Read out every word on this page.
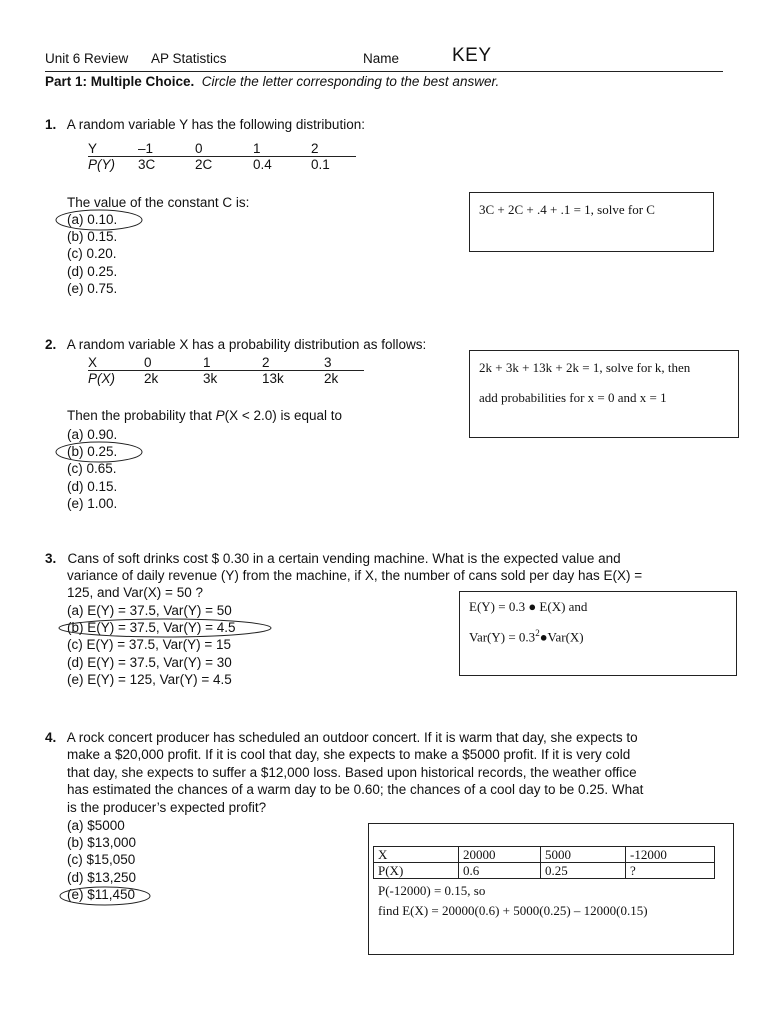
Unit 6 Review AP Statistics	Name	KEY
Part 1: Multiple Choice. Circle the letter corresponding to the best answer.
1. A random variable Y has the following distribution:
Y	–1	0	1	2
P(Y)	3C	2C	0.4	0.1
The value of the constant C is:
(a) 0.10.
(b) 0.15.
(c) 0.20.
(d) 0.25.
(e) 0.75.

3C + 2C + .4 + .1 = 1, solve for C

2. A random variable X has a probability distribution as follows:
X	0	1	2	3
P(X)	2k	3k	13k	2k
Then the probability that P(X < 2.0) is equal to
(a) 0.90.
(b) 0.25.
(c) 0.65.
(d) 0.15.
(e) 1.00.

2k + 3k + 13k + 2k = 1, solve for k, then

add probabilities for x = 0 and x = 1

3. Cans of soft drinks cost $ 0.30 in a certain vending machine. What is the expected value and
variance of daily revenue (Y) from the machine, if X, the number of cans sold per day has E(X) =
125, and Var(X) = 50 ?
(a) E(Y) = 37.5, Var(Y) = 50
(b) E(Y) = 37.5, Var(Y) = 4.5
(c) E(Y) = 37.5, Var(Y) = 15
(d) E(Y) = 37.5, Var(Y) = 30
(e) E(Y) = 125, Var(Y) = 4.5

E(Y) = 0.3 ● E(X) and

$Var(Y) = 0.3^2●Var(X)$

4. A rock concert producer has scheduled an outdoor concert. If it is warm that day, she expects to
make a $20,000 profit. If it is cool that day, she expects to make a $5000 profit. If it is very cold
that day, she expects to suffer a $12,000 loss. Based upon historical records, the weather office
has estimated the chances of a warm day to be 0.60; the chances of a cool day to be 0.25. What
is the producer’s expected profit?
(a) $5000
(b) $13,000
(c) $15,050
(d) $13,250
(e) $11,450
X	20000	5000	-12000
P(X)	0.6	0.25	?

P(-12000) = 0.15, so

find E(X) = 20000(0.6) + 5000(0.25) – 12000(0.15)
